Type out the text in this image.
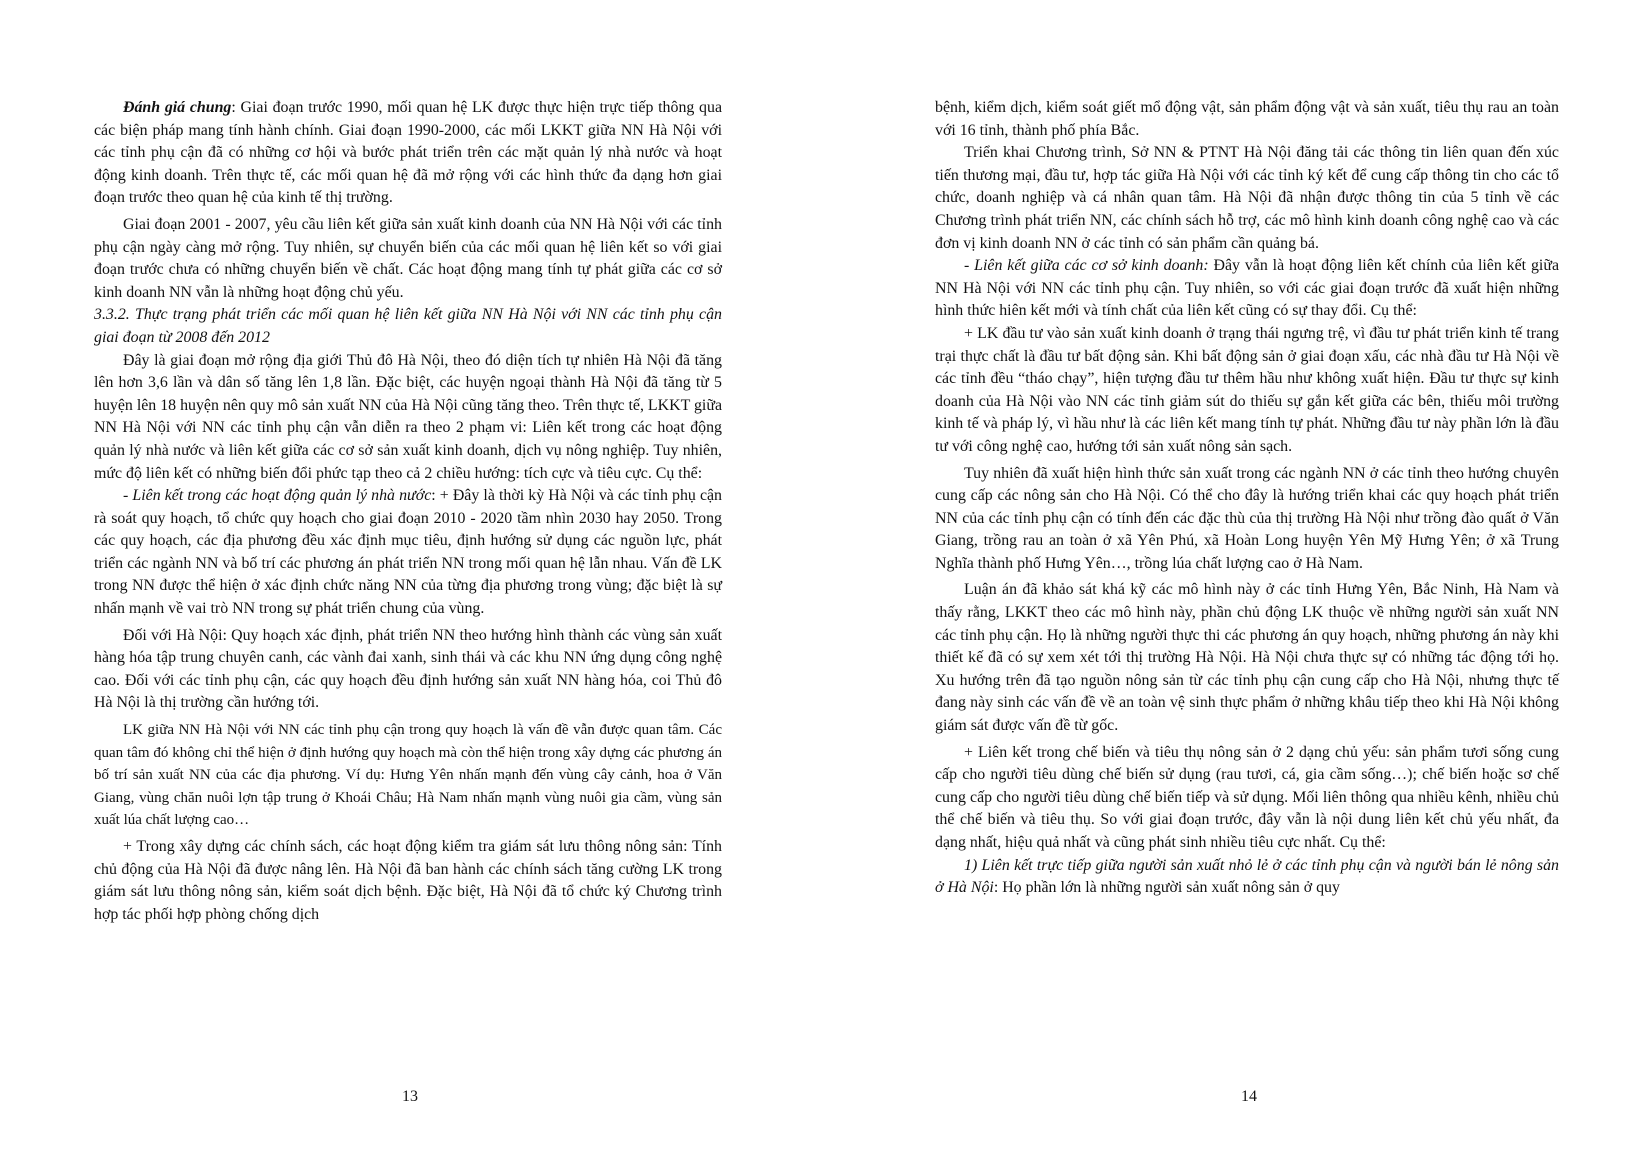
Đánh giá chung: Giai đoạn trước 1990, mối quan hệ LK được thực hiện trực tiếp thông qua các biện pháp mang tính hành chính. Giai đoạn 1990-2000, các mối LKKT giữa NN Hà Nội với các tỉnh phụ cận đã có những cơ hội và bước phát triển trên các mặt quản lý nhà nước và hoạt động kinh doanh. Trên thực tế, các mối quan hệ đã mở rộng với các hình thức đa dạng hơn giai đoạn trước theo quan hệ của kinh tế thị trường.

Giai đoạn 2001 - 2007, yêu cầu liên kết giữa sản xuất kinh doanh của NN Hà Nội với các tỉnh phụ cận ngày càng mở rộng. Tuy nhiên, sự chuyển biến của các mối quan hệ liên kết so với giai đoạn trước chưa có những chuyển biến về chất. Các hoạt động mang tính tự phát giữa các cơ sở kinh doanh NN vẫn là những hoạt động chủ yếu.

3.3.2. Thực trạng phát triển các mối quan hệ liên kết giữa NN Hà Nội với NN các tỉnh phụ cận giai đoạn từ 2008 đến 2012

Đây là giai đoạn mở rộng địa giới Thủ đô Hà Nội, theo đó diện tích tự nhiên Hà Nội đã tăng lên hơn 3,6 lần và dân số tăng lên 1,8 lần. Đặc biệt, các huyện ngoại thành Hà Nội đã tăng từ 5 huyện lên 18 huyện nên quy mô sản xuất NN của Hà Nội cũng tăng theo. Trên thực tế, LKKT giữa NN Hà Nội với NN các tỉnh phụ cận vẫn diễn ra theo 2 phạm vi: Liên kết trong các hoạt động quản lý nhà nước và liên kết giữa các cơ sở sản xuất kinh doanh, dịch vụ nông nghiệp. Tuy nhiên, mức độ liên kết có những biến đổi phức tạp theo cả 2 chiều hướng: tích cực và tiêu cực. Cụ thể:

- Liên kết trong các hoạt động quản lý nhà nước: + Đây là thời kỳ Hà Nội và các tỉnh phụ cận rà soát quy hoạch, tổ chức quy hoạch cho giai đoạn 2010 - 2020 tầm nhìn 2030 hay 2050. Trong các quy hoạch, các địa phương đều xác định mục tiêu, định hướng sử dụng các nguồn lực, phát triển các ngành NN và bố trí các phương án phát triển NN trong mối quan hệ lẫn nhau. Vấn đề LK trong NN được thể hiện ở xác định chức năng NN của từng địa phương trong vùng; đặc biệt là sự nhấn mạnh về vai trò NN trong sự phát triển chung của vùng.

Đối với Hà Nội: Quy hoạch xác định, phát triển NN theo hướng hình thành các vùng sản xuất hàng hóa tập trung chuyên canh, các vành đai xanh, sinh thái và các khu NN ứng dụng công nghệ cao. Đối với các tỉnh phụ cận, các quy hoạch đều định hướng sản xuất NN hàng hóa, coi Thủ đô Hà Nội là thị trường cần hướng tới.

LK giữa NN Hà Nội với NN các tỉnh phụ cận trong quy hoạch là vấn đề vẫn được quan tâm. Các quan tâm đó không chỉ thể hiện ở định hướng quy hoạch mà còn thể hiện trong xây dựng các phương án bố trí sản xuất NN của các địa phương. Ví dụ: Hưng Yên nhấn mạnh đến vùng cây cảnh, hoa ở Văn Giang, vùng chăn nuôi lợn tập trung ở Khoái Châu; Hà Nam nhấn mạnh vùng nuôi gia cầm, vùng sản xuất lúa chất lượng cao…

+ Trong xây dựng các chính sách, các hoạt động kiểm tra giám sát lưu thông nông sản: Tính chủ động của Hà Nội đã được nâng lên. Hà Nội đã ban hành các chính sách tăng cường LK trong giám sát lưu thông nông sản, kiểm soát dịch bệnh. Đặc biệt, Hà Nội đã tổ chức ký Chương trình hợp tác phối hợp phòng chống dịch

13

bệnh, kiểm dịch, kiểm soát giết mổ động vật, sản phẩm động vật và sản xuất, tiêu thụ rau an toàn với 16 tỉnh, thành phố phía Bắc.

Triển khai Chương trình, Sở NN & PTNT Hà Nội đăng tải các thông tin liên quan đến xúc tiến thương mại, đầu tư, hợp tác giữa Hà Nội với các tỉnh ký kết để cung cấp thông tin cho các tổ chức, doanh nghiệp và cá nhân quan tâm. Hà Nội đã nhận được thông tin của 5 tỉnh về các Chương trình phát triển NN, các chính sách hỗ trợ, các mô hình kinh doanh công nghệ cao và các đơn vị kinh doanh NN ở các tỉnh có sản phẩm cần quảng bá.

- Liên kết giữa các cơ sở kinh doanh: Đây vẫn là hoạt động liên kết chính của liên kết giữa NN Hà Nội với NN các tỉnh phụ cận. Tuy nhiên, so với các giai đoạn trước đã xuất hiện những hình thức hiên kết mới và tính chất của liên kết cũng có sự thay đổi. Cụ thể:

+ LK đầu tư vào sản xuất kinh doanh ở trạng thái ngưng trệ, vì đầu tư phát triển kinh tế trang trại thực chất là đầu tư bất động sản. Khi bất động sản ở giai đoạn xấu, các nhà đầu tư Hà Nội về các tỉnh đều “tháo chạy”, hiện tượng đầu tư thêm hầu như không xuất hiện. Đầu tư thực sự kinh doanh của Hà Nội vào NN các tỉnh giảm sút do thiếu sự gắn kết giữa các bên, thiếu môi trường kinh tế và pháp lý, vì hầu như là các liên kết mang tính tự phát. Những đầu tư này phần lớn là đầu tư với công nghệ cao, hướng tới sản xuất nông sản sạch.

Tuy nhiên đã xuất hiện hình thức sản xuất trong các ngành NN ở các tỉnh theo hướng chuyên cung cấp các nông sản cho Hà Nội. Có thể cho đây là hướng triển khai các quy hoạch phát triển NN của các tỉnh phụ cận có tính đến các đặc thù của thị trường Hà Nội như trồng đào quất ở Văn Giang, trồng rau an toàn ở xã Yên Phú, xã Hoàn Long huyện Yên Mỹ Hưng Yên; ở xã Trung Nghĩa thành phố Hưng Yên…, trồng lúa chất lượng cao ở Hà Nam.

Luận án đã khảo sát khá kỹ các mô hình này ở các tỉnh Hưng Yên, Bắc Ninh, Hà Nam và thấy rằng, LKKT theo các mô hình này, phần chủ động LK thuộc về những người sản xuất NN các tỉnh phụ cận. Họ là những người thực thi các phương án quy hoạch, những phương án này khi thiết kế đã có sự xem xét tới thị trường Hà Nội. Hà Nội chưa thực sự có những tác động tới họ. Xu hướng trên đã tạo nguồn nông sản từ các tỉnh phụ cận cung cấp cho Hà Nội, nhưng thực tế đang này sinh các vấn đề về an toàn vệ sinh thực phẩm ở những khâu tiếp theo khi Hà Nội không giám sát được vấn đề từ gốc.

+ Liên kết trong chế biến và tiêu thụ nông sản ở 2 dạng chủ yếu: sản phẩm tươi sống cung cấp cho người tiêu dùng chế biến sử dụng (rau tươi, cá, gia cầm sống…); chế biến hoặc sơ chế cung cấp cho người tiêu dùng chế biến tiếp và sử dụng. Mối liên thông qua nhiều kênh, nhiều chủ thể chế biến và tiêu thụ. So với giai đoạn trước, đây vẫn là nội dung liên kết chủ yếu nhất, đa dạng nhất, hiệu quả nhất và cũng phát sinh nhiều tiêu cực nhất. Cụ thể:

1) Liên kết trực tiếp giữa người sản xuất nhỏ lẻ ở các tỉnh phụ cận và người bán lẻ nông sản ở Hà Nội: Họ phần lớn là những người sản xuất nông sản ở quy

14
